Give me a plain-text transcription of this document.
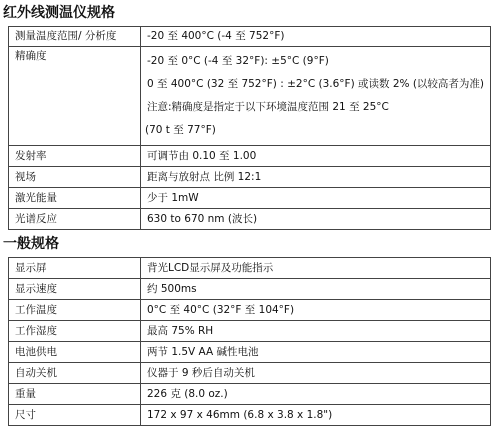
红外线测温仪规格
测量温度范围/ 分析度	-20 至 400°C (-4 至 752°F)
精确度	-20 至 0°C (-4 至 32°F): ±5°C (9°F)
0 至 400°C (32 至 752°F) : ±2°C (3.6°F) 或读数 2% (以较高者为准)
注意:精确度是指定于以下环境温度范围 21 至 25°C
(70 t 至 77°F)

发射率	可调节由 0.10 至 1.00
视场	距离与放射点 比例 12:1
激光能量	少于 1mW
光谱反应	630 to 670 nm (波长)
一般规格
显示屏	背光LCD显示屏及功能指示
显示速度	约 500ms
工作温度	0°C 至 40°C (32°F 至 104°F)
工作湿度	最高 75% RH
电池供电	两节 1.5V AA 碱性电池
自动关机	仪器于 9 秒后自动关机
重量	226 克 (8.0 oz.)
尺寸	172 x 97 x 46mm (6.8 x 3.8 x 1.8")
